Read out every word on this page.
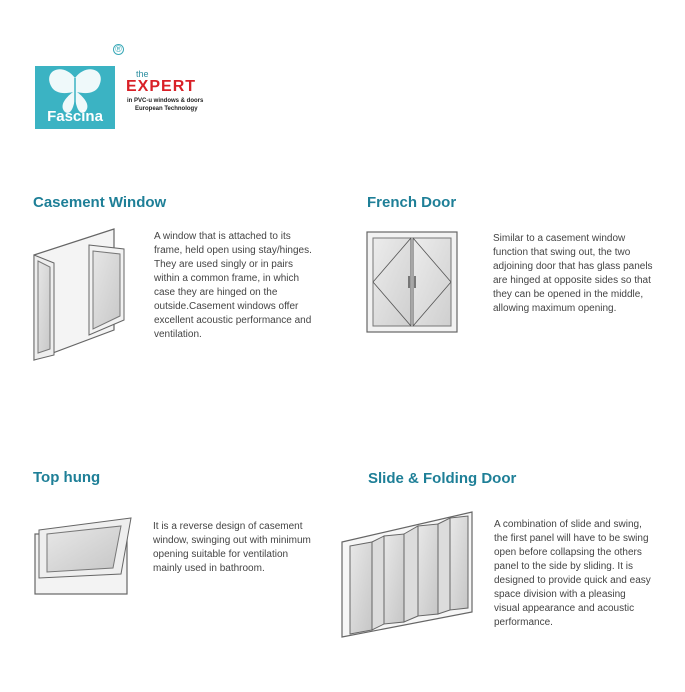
Fascina
®
the
EXPERT
in PVC-u windows & doors
European Technology
Casement Window
A window that is attached to its frame, held open using stay/hinges. They are used singly or in pairs within a common frame, in which case they are hinged on the outside.Casement windows offer excellent acoustic performance and ventilation.
French Door
Similar to a casement window function that swing out, the two adjoining door that has glass panels are hinged at opposite sides so that they can be opened in the middle, allowing maximum opening.
Top hung
It is a reverse design of casement window, swinging out with minimum opening suitable for ventilation mainly used in bathroom.
Slide & Folding Door
A combination of slide and swing, the first panel will have to be swing open before collapsing the others panel to the side by sliding. It is designed to provide quick and easy space division with a pleasing visual appearance and acoustic performance.
